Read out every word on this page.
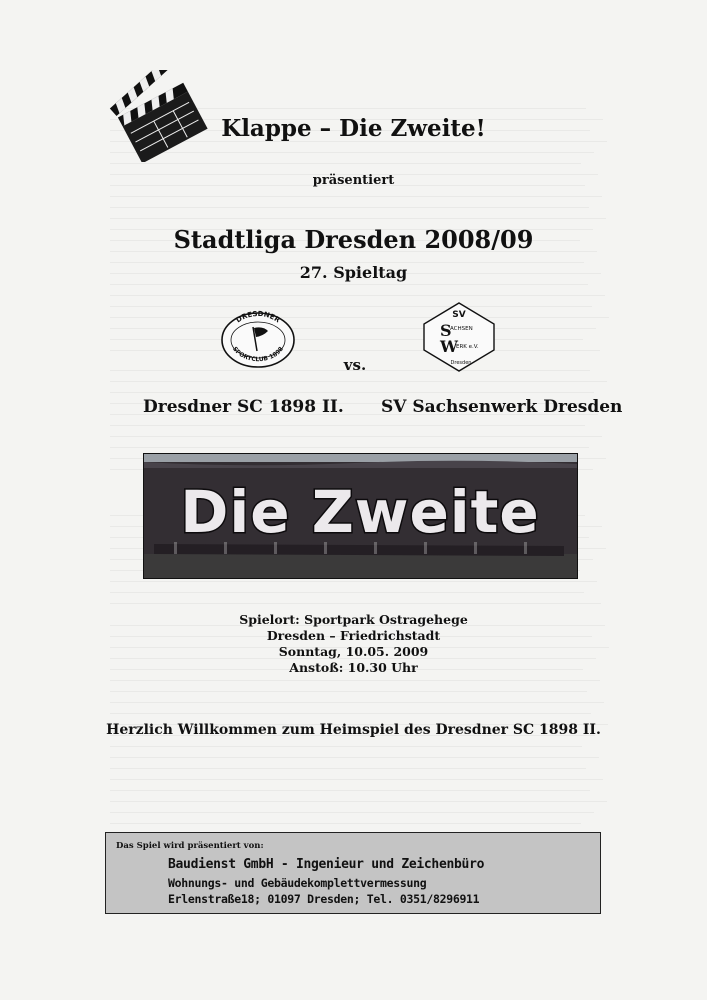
Klappe – Die Zweite!
präsentiert
Stadtliga Dresden 2008/09
27. Spieltag
DRESDNER
SPORTCLUB 1898
vs.
SV
S
ACHSEN
W
ERK e.V.
Dresden
Dresdner SC 1898 II. SV Sachsenwerk Dresden
Die Zweite
Spielort: Sportpark Ostragehege
Dresden – Friedrichstadt
Sonntag, 10.05. 2009
Anstoß: 10.30 Uhr
Herzlich Willkommen zum Heimspiel des Dresdner SC 1898 II.
Das Spiel wird präsentiert von:
Baudienst GmbH - Ingenieur und Zeichenbüro
Wohnungs- und Gebäudekomplettvermessung
Erlenstraße18; 01097 Dresden; Tel. 0351/8296911
